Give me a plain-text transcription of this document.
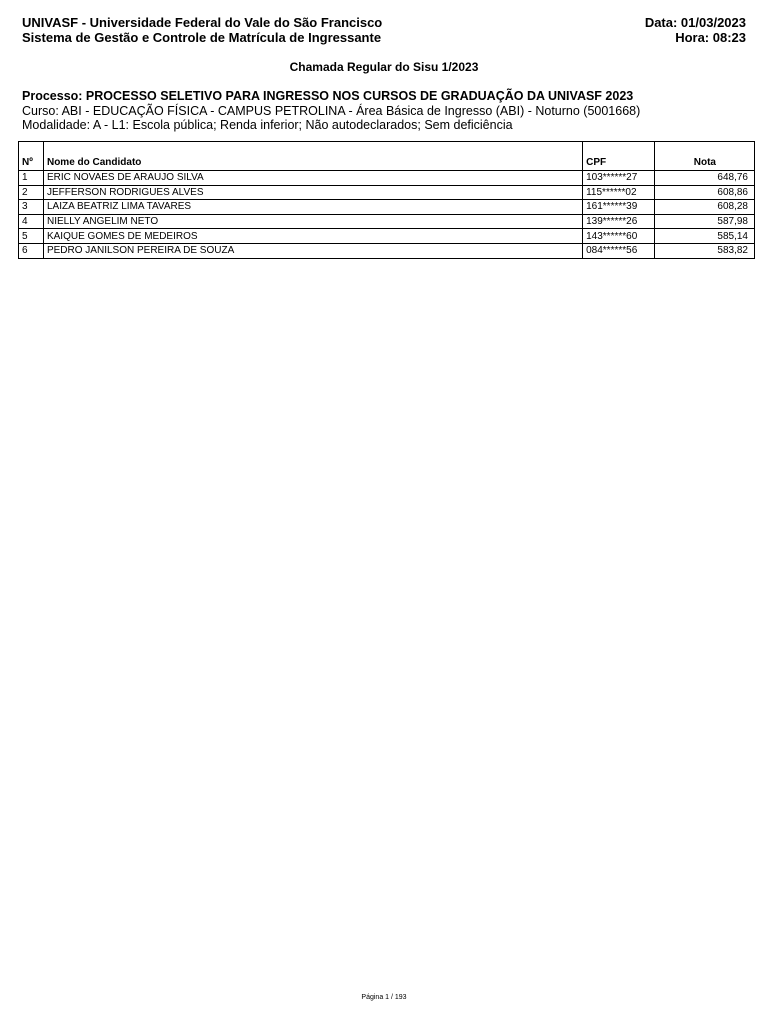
UNIVASF - Universidade Federal do Vale do São Francisco
Sistema de Gestão e Controle de Matrícula de Ingressante
Data: 01/03/2023
Hora: 08:23
Chamada Regular do Sisu 1/2023
Processo: PROCESSO SELETIVO PARA INGRESSO NOS CURSOS DE GRADUAÇÃO DA UNIVASF 2023
Curso: ABI - EDUCAÇÃO FÍSICA - CAMPUS PETROLINA - Área Básica de Ingresso (ABI) - Noturno (5001668)
Modalidade: A - L1: Escola pública; Renda inferior; Não autodeclarados; Sem deficiência
Nº	Nome do Candidato	CPF	Nota
1	ERIC NOVAES DE ARAUJO SILVA	103******27	648,76
2	JEFFERSON RODRIGUES ALVES	115******02	608,86
3	LAIZA BEATRIZ LIMA TAVARES	161******39	608,28
4	NIELLY ANGELIM NETO	139******26	587,98
5	KAIQUE GOMES DE MEDEIROS	143******60	585,14
6	PEDRO JANILSON PEREIRA DE SOUZA	084******56	583,82
Página 1 / 193
